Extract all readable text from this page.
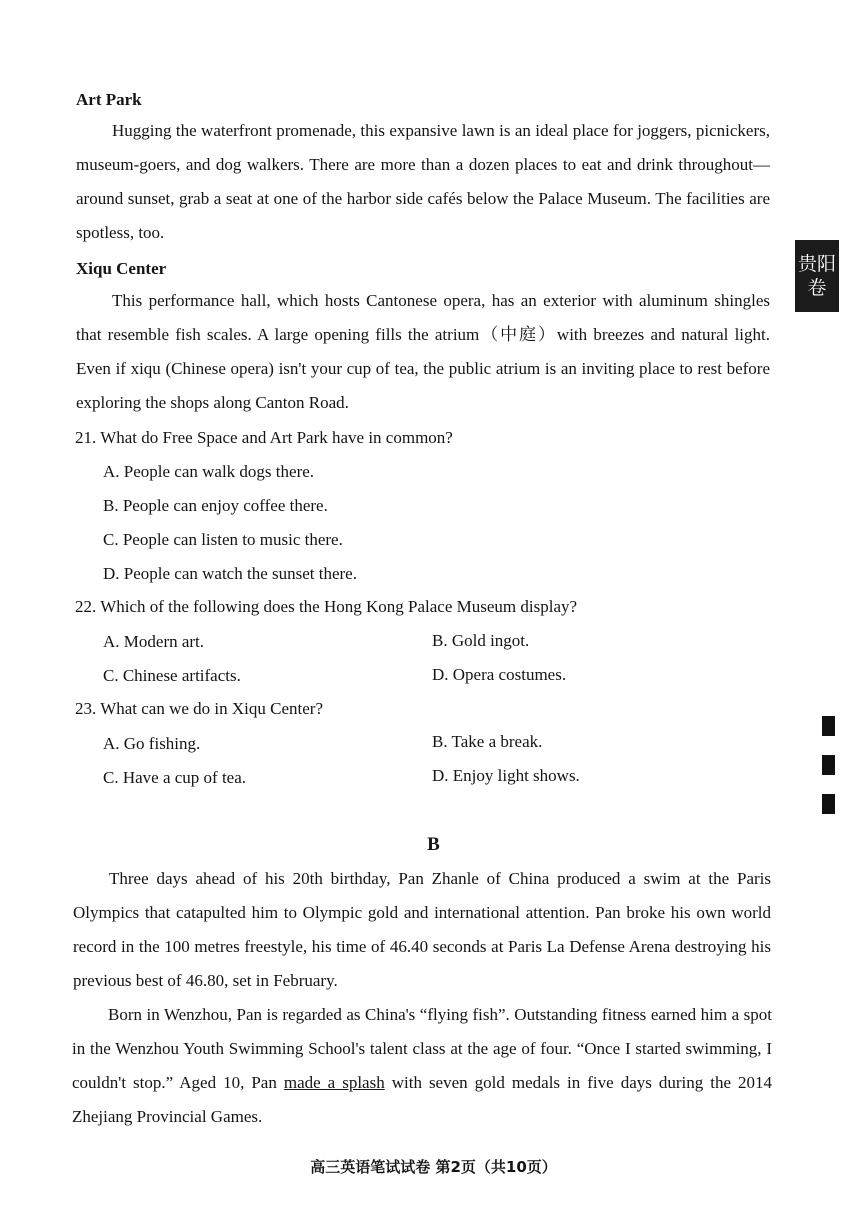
Art Park
Hugging the waterfront promenade, this expansive lawn is an ideal place for joggers, picnickers, museum-goers, and dog walkers. There are more than a dozen places to eat and drink throughout—around sunset, grab a seat at one of the harbor side cafés below the Palace Museum. The facilities are spotless, too.
Xiqu Center
This performance hall, which hosts Cantonese opera, has an exterior with aluminum shingles that resemble fish scales. A large opening fills the atrium（中庭）with breezes and natural light. Even if xiqu (Chinese opera) isn't your cup of tea, the public atrium is an inviting place to rest before exploring the shops along Canton Road.
贵阳
卷
21. What do Free Space and Art Park have in common?
A. People can walk dogs there.
B. People can enjoy coffee there.
C. People can listen to music there.
D. People can watch the sunset there.
22. Which of the following does the Hong Kong Palace Museum display?
A. Modern art.	B. Gold ingot.
C. Chinese artifacts.	D. Opera costumes.
23. What can we do in Xiqu Center?
A. Go fishing.	B. Take a break.
C. Have a cup of tea.	D. Enjoy light shows.
B
Three days ahead of his 20th birthday, Pan Zhanle of China produced a swim at the Paris Olympics that catapulted him to Olympic gold and international attention. Pan broke his own world record in the 100 metres freestyle, his time of 46.40 seconds at Paris La Defense Arena destroying his previous best of 46.80, set in February.
Born in Wenzhou, Pan is regarded as China's “flying fish”. Outstanding fitness earned him a spot in the Wenzhou Youth Swimming School's talent class at the age of four. “Once I started swimming, I couldn't stop.” Aged 10, Pan made a splash with seven gold medals in five days during the 2014 Zhejiang Provincial Games.
高三英语笔试试卷 第2页（共10页）
